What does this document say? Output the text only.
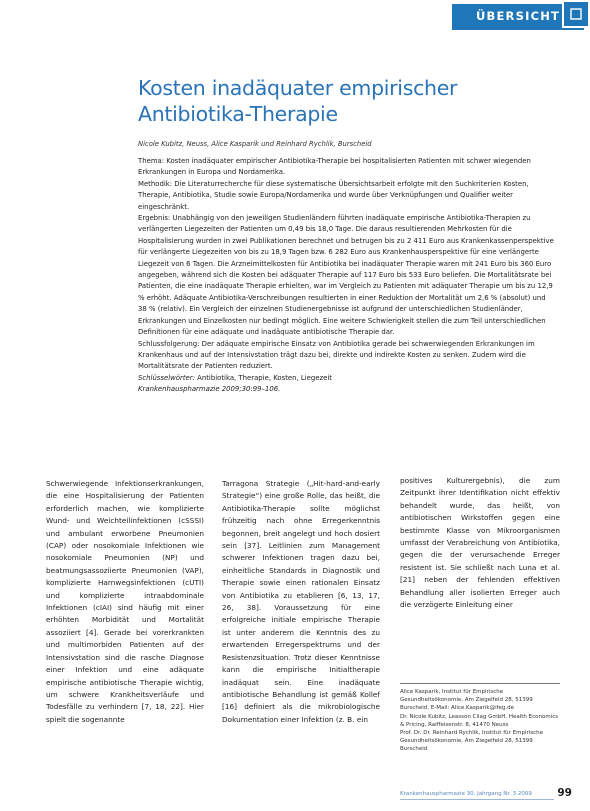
ÜBERSICHT
Kosten inadäquater empirischer Antibiotika-Therapie
Nicole Kubitz, Neuss, Alice Kasparik und Reinhard Rychlik, Burscheid

Thema: Kosten inadäquater empirischer Antibiotika-Therapie bei hospitalisierten Patienten mit schwer wiegenden Erkrankungen in Europa und Nordamerika.

Methodik: Die Literaturrecherche für diese systematische Übersichtsarbeit erfolgte mit den Suchkriterien Kosten, Therapie, Antibiotika, Studie sowie Europa/Nordamerika und wurde über Verknüpfungen und Qualifier weiter eingeschränkt.

Ergebnis: Unabhängig von den jeweiligen Studienländern führten inadäquate empirische Antibiotika-Therapien zu verlängerten Liegezeiten der Patienten um 0,49 bis 18,0 Tage. Die daraus resultierenden Mehrkosten für die Hospitalisierung wurden in zwei Publikationen berechnet und betrugen bis zu 2 411 Euro aus Krankenkassenperspektive für verlängerte Liegezeiten von bis zu 18,9 Tagen bzw. 6 282 Euro aus Krankenhausperspektive für eine verlängerte Liegezeit von 6 Tagen. Die Arzneimittelkosten für Antibiotika bei inadäquater Therapie waren mit 241 Euro bis 360 Euro angegeben, während sich die Kosten bei adäquater Therapie auf 117 Euro bis 533 Euro beliefen. Die Mortalitätsrate bei Patienten, die eine inadäquate Therapie erhielten, war im Vergleich zu Patienten mit adäquater Therapie um bis zu 12,9 % erhöht. Adäquate Antibiotika-Verschreibungen resultierten in einer Reduktion der Mortalität um 2,6 % (absolut) und 38 % (relativ). Ein Vergleich der einzelnen Studienergebnisse ist aufgrund der unterschiedlichen Studienländer, Erkrankungen und Einzelkosten nur bedingt möglich. Eine weitere Schwierigkeit stellen die zum Teil unterschiedlichen Definitionen für eine adäquate und inadäquate antibiotische Therapie dar.

Schlussfolgerung: Der adäquate empirische Einsatz von Antibiotika gerade bei schwerwiegenden Erkrankungen im Krankenhaus und auf der Intensivstation trägt dazu bei, direkte und indirekte Kosten zu senken. Zudem wird die Mortalitätsrate der Patienten reduziert.

Schlüsselwörter: Antibiotika, Therapie, Kosten, Liegezeit

Krankenhauspharmazie 2009;30:99–106.

Schwerwiegende Infektionserkrankungen, die eine Hospitalisierung der Patienten erforderlich machen, wie komplizierte Wund- und Weichteilinfektionen (cSSSI) und ambulant erworbene Pneumonien (CAP) oder nosokomiale Infektionen wie nosokomiale Pneumonien (NP) und beatmungsassoziierte Pneumonien (VAP), komplizierte Harnwegsinfektionen (cUTI) und komplizierte intraabdominale Infektionen (cIAI) sind häufig mit einer erhöhten Morbidität und Mortalität assoziiert [4]. Gerade bei vorerkrankten und multimorbiden Patienten auf der Intensivstation sind die rasche Diagnose einer Infektion und eine adäquate empirische antibiotische Therapie wichtig, um schwere Krankheitsverläufe und Todesfälle zu verhindern [7, 18, 22]. Hier spielt die sogenannte

Tarragona Strategie („Hit-hard-and-early Strategie“) eine große Rolle, das heißt, die Antibiotika-Therapie sollte möglichst frühzeitig nach ohne Erregerkenntnis begonnen, breit angelegt und hoch dosiert sein [37]. Leitlinien zum Management schwerer Infektionen tragen dazu bei, einheitliche Standards in Diagnostik und Therapie sowie einen rationalen Einsatz von Antibiotika zu etablieren [6, 13, 17, 26, 38]. Voraussetzung für eine erfolgreiche initiale empirische Therapie ist unter anderem die Kenntnis des zu erwartenden Erregerspektrums und der Resistenzsituation. Trotz dieser Kenntnisse kann die empirische Initialtherapie inadäquat sein. Eine inadäquate antibiotische Behandlung ist gemäß Kollef [16] definiert als die mikrobiologische Dokumentation einer Infektion (z. B. ein

positives Kulturergebnis), die zum Zeitpunkt ihrer Identifikation nicht effektiv behandelt wurde, das heißt, von antibiotischen Wirkstoffen gegen eine bestimmte Klasse von Mikroorganismen umfasst der Verabreichung von Antibiotika, gegen die der verursachende Erreger resistent ist. Sie schließt nach Luna et al. [21] neben der fehlenden effektiven Behandlung aller isolierten Erreger auch die verzögerte Einleitung einer

Alice Kasparik, Institut für Empirische Gesundheitsökonomie, Am Ziegelfeld 28, 51399 Burscheid, E-Mail: Alice.Kasparik@ifeg.de

Dr. Nicole Kubitz, Leasson Cilag GmbH, Health Economics & Pricing, Raiffeisenstr. 8, 41470 Neuss

Prof. Dr. Dr. Reinhard Rychlik, Institut für Empirische Gesundheitsökonomie, Am Ziegelfeld 28, 51399 Burscheid

Krankenhauspharmazie 30. Jahrgang Nr. 3 2009 99
